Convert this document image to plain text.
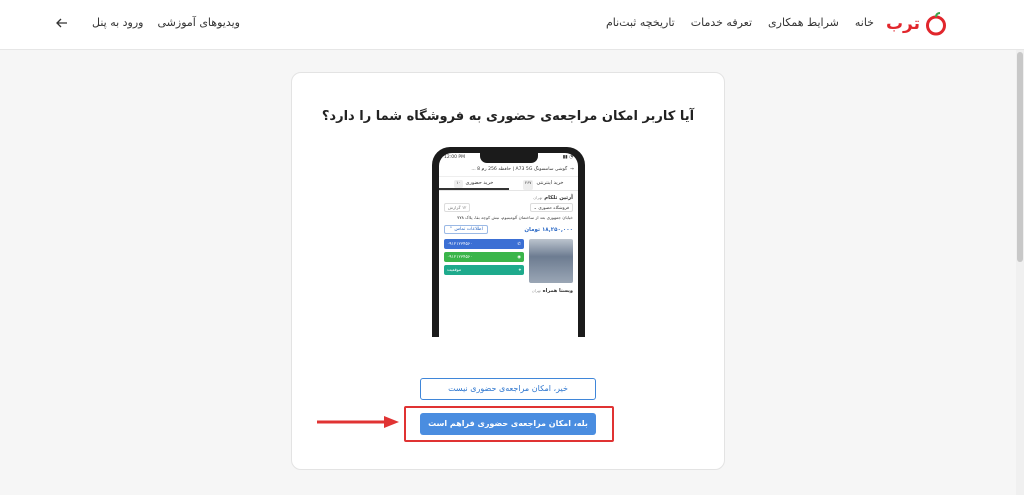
ترب
خانه
شرایط همکاری
تعرفه خدمات
تاریخچه ثبت‌نام
ورود به پنل ویدیوهای آموزشی
آیا کاربر امکان مراجعه‌ی حضوری به فروشگاه شما را دارد؟
12:00 PM	▮▮ ◔
→
گوشی سامسونگ A73 5G | حافظه 256 رم 8 ...
خرید اینترنتی
۲۶۷
خرید حضوری
۱۰
آرتین تلکام تهران
فروشگاه حضوری ⌄
۱۲ گزارش
خیابان جمهوری بعد از ساختمان آلومینیوم، نبش کوچه بقا، پلاک ۷۷۸
۱۸,۲۵۰,۰۰۰ تومان
اطلاعات تماس ⌃
۰۹۱۲۱۲۳۴۵۶۰	✆
۰۹۱۲۱۲۳۴۵۶۰	◉
موقعیت	⌖
ویستا همراه تهران
خیر، امکان مراجعه‌ی حضوری نیست
بله، امکان مراجعه‌ی حضوری فراهم است
